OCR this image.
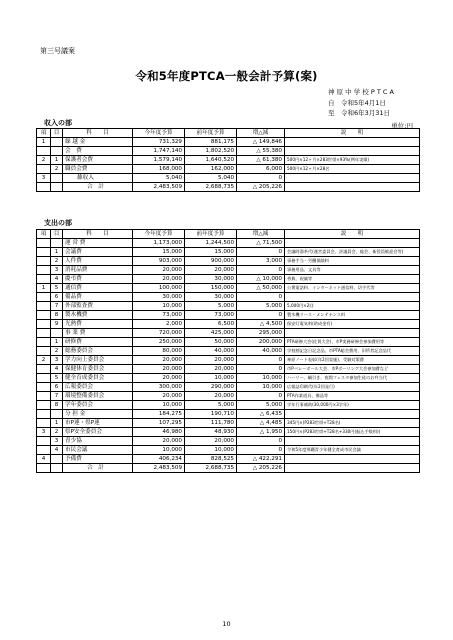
第三号議案
令和5年度PTCA一般会計予算(案)
神 原 中 学 校 P T C A
自　令和5年4月1日
至　令和6年3月31日
収入の部	単位:円
項	目	科　　目	今年度予算	前年度予算	増△減	説　　明
1		繰 越 金	731,329	881,175	△ 149,846	
		会　費	1,747,140	1,802,520	△ 55,380	
2	1	保護者会費	1,579,140	1,640,520	△ 61,380	500円×12ヶ月×283世帯×93%(例年実績)
	2	職員会費	168,000	162,000	6,000	500円×12ヶ月×28名
3		雑収入	5,040	5,040	0	
		合　計	2,483,509	2,688,735	△ 205,226	
支出の部
項	目	科　　目	今年度予算	前年度予算	増△減	説　　明
		運 営 費	1,173,000	1,244,500	△ 71,500	
	1	会議費	15,000	15,000	0	会議時湯茶代(運営委員会、評議員会、総会、新役員歓迎会等)
	2	人件費	903,000	900,000	3,000	事務手当・労働保険料
	3	消耗品費	20,000	20,000	0	事務用品、文具等
	4	慶弔費	20,000	30,000	△ 10,000	香典、祝儀等
1	5	通信費	100,000	150,000	△ 50,000	公衆電話料、インターネット通信料、切手代等
	6	備品費	30,000	30,000	0	
	7	外部監査費	10,000	5,000	5,000	5,000円×2回
	8	製氷機費	73,000	73,000	0	製氷機リース・メンテナンス料
	9	光熱費	2,000	6,500	△ 4,500	保安灯電気料(助成金有)
		事 業 費	720,000	425,000	295,000	
	1	研修費	250,000	50,000	200,000	PTA研修大会(佐賀大会)、市P実務研修会参加費用等
	2	総務委員会	80,000	40,000	40,000	学校割記念日記念品、市PTA総会費用、旧所者記念品代
2	3	学力向上委員会	20,000	20,000	0	神原ノート表彰(年2回実施)、受験対策費
	4	保健体育委員会	20,000	20,000	0	市Pバレーボール大会、市Pボーリング大会参加費など
	5	健全育成委員会	20,000	10,000	10,000	ハーリー、綱引き、夜間フェスタ参加生徒のお弁当代
	6	広報委員会	300,000	290,000	10,000	広報誌印刷代(年2回発行)
	7	環境整備委員会	20,000	20,000	0	PTA作業道具、備品等
	8	学年委員会	10,000	5,000	5,000	学年行事補助(30,000円×3学年)
		分 担 金	184,275	190,710	△ 6,435	
	1	市P連・県P連	107,295	111,780	△ 4,485	345円×(P283世帯+T28名)
3	2	県P安全委員会	46,980	48,930	△ 1,950	150円×(P283世帯+T28名+330円(振込手数料))
	3	青少協	20,000	20,000	0	
	4	市民会議	10,000	10,000	0	令和5年度那覇青少年健全育成市民会議
4		予備費	406,234	828,525	△ 422,291	
		合　計	2,483,509	2,688,735	△ 205,226	
10
